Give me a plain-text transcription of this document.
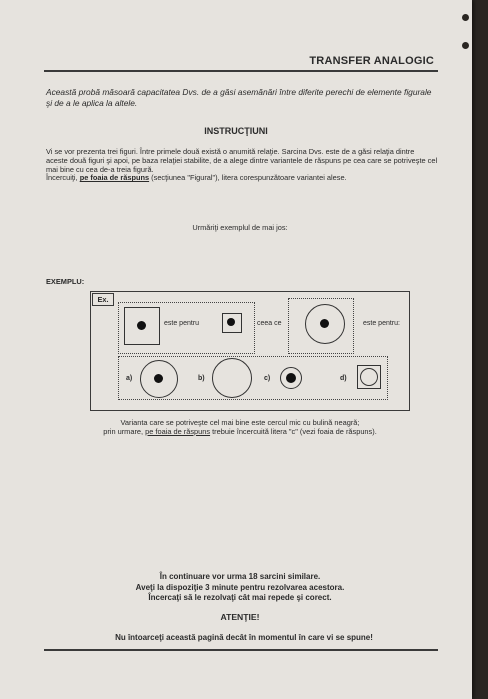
TRANSFER ANALOGIC
Această probă măsoară capacitatea Dvs. de a găsi asemănări între diferite perechi de elemente figurale şi de a le aplica la altele.
INSTRUCŢIUNI

Vi se vor prezenta trei figuri. Între primele două există o anumită relaţie. Sarcina Dvs. este de a găsi relaţia dintre aceste două figuri şi apoi, pe baza relaţiei stabilite, de a alege dintre variantele de răspuns pe cea care se potriveşte cel mai bine cu cea de-a treia figură.

Încercuiţi, pe foaia de răspuns (secţiunea "Figural"), litera corespunzătoare variantei alese.

Urmăriţi exemplul de mai jos:
EXEMPLU:
Ex.
este pentru	ceea ce	este pentru:
a)	b)	c)	d)
Varianta care se potriveşte cel mai bine este cercul mic cu bulină neagră;
prin urmare, pe foaia de răspuns trebuie încercuită litera "c" (vezi foaia de răspuns).
În continuare vor urma 18 sarcini similare.
Aveţi la dispoziţie 3 minute pentru rezolvarea acestora.
Încercaţi să le rezolvaţi cât mai repede şi corect.
ATENŢIE!
Nu întoarceţi această pagină decât în momentul în care vi se spune!
